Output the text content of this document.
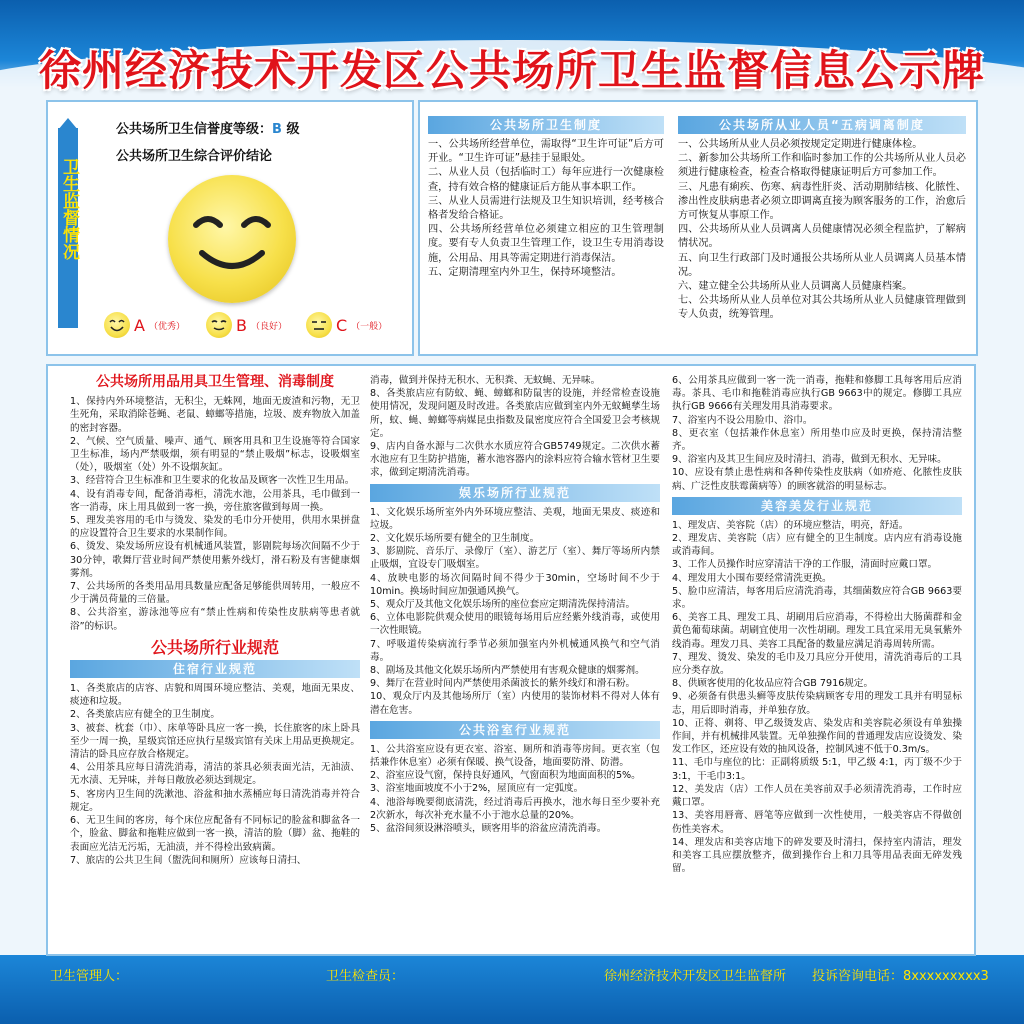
徐州经济技术开发区公共场所卫生监督信息公示牌
卫生监督情况
公共场所卫生信誉度等级：B 级
公共场所卫生综合评价结论
A （优秀）	B （良好）	C （一般）
公共场所卫生制度

一、公共场所经营单位，需取得“卫生许可证”后方可开业。“卫生许可证”悬挂于显眼处。

二、从业人员（包括临时工）每年应进行一次健康检查，持有效合格的健康证后方能从事本职工作。

三、从业人员需进行法规及卫生知识培训，经考核合格者发给合格证。

四、公共场所经营单位必须建立相应的卫生管理制度。要有专人负责卫生管理工作，设卫生专用消毒设施，公用品、用具等需定期进行消毒保洁。

五、定期清理室内外卫生，保持环境整洁。

公共场所从业人员“五病调离制度

一、公共场所从业人员必须按规定定期进行健康体检。

二、新参加公共场所工作和临时参加工作的公共场所从业人员必须进行健康检查，检查合格取得健康证明后方可参加工作。

三、凡患有痢疾、伤寒、病毒性肝炎、活动期肺结核、化脓性、渗出性皮肤病患者必须立即调离直接为顾客服务的工作，治愈后方可恢复从事原工作。

四、公共场所从业人员调离人员健康情况必须全程监护，了解病情状况。

五、向卫生行政部门及时通报公共场所从业人员调离人员基本情况。

六、建立健全公共场所从业人员调离人员健康档案。

七、公共场所从业人员单位对其公共场所从业人员健康管理做到专人负责，统筹管理。

公共场所用品用具卫生管理、消毒制度

1、保持内外环境整洁，无积尘，无蛛网，地面无废渣和污物，无卫生死角，采取消除苍蝇、老鼠、蟑螂等措施，垃圾、废弃物放入加盖的密封容器。

2、气候、空气质量、噪声、通气、顾客用具和卫生设施等符合国家卫生标准，场内严禁吸烟，须有明显的“禁止吸烟”标志，设吸烟室（处），吸烟室（处）外不设烟灰缸。

3、经营符合卫生标准和卫生要求的化妆品及顾客一次性卫生用品。

4、设有消毒专间，配备消毒柜，清洗水池，公用茶具，毛巾做到一客一消毒，床上用具做到一客一换，旁住旅客做到每周一换。

5、理发美容用的毛巾与烫发、染发的毛巾分开使用，供用水果拼盘的应设置符合卫生要求的水果制作间。

6、烫发、染发场所应设有机械通风装置，影剧院每场次间隔不少于30分钟，歌舞厅营业时间严禁使用紫外线灯，滑石粉及有害健康烟雾剂。

7、公共场所的各类用品用具数量应配备足够能供周转用，一般应不少于满员荷量的三倍量。

8、公共浴室，游泳池等应有“禁止性病和传染性皮肤病等患者就浴”的标识。

公共场所行业规范
住宿行业规范

1、各类旅店的店容、店貌和周围环境应整洁、美观，地面无果皮、痰迹和垃圾。

2、各类旅店应有健全的卫生制度。

3、被套、枕套（巾）、床单等卧具应一客一换，长住旅客的床上卧具至少一周一换，星级宾馆还应执行星级宾馆有关床上用品更换规定。清洁的卧具应存放合格规定。

4、公用茶具应每日清洗消毒，清洁的茶具必须表面光洁，无油渍、无水渍、无异味，并每日敞放必须达到规定。

5、客房内卫生间的洗漱池、浴盆和抽水蒸桶应每日清洗消毒并符合规定。

6、无卫生间的客房，每个床位应配备有不同标记的脸盆和脚盆各一个，脸盆、脚盆和拖鞋应做到一客一换，清洁的脸（脚）盆、拖鞋的表面应光洁无污垢，无油渍，并不得检出致病菌。

7、旅店的公共卫生间（盥洗间和厕所）应该每日清扫、

消毒，做到并保持无积水、无积粪、无蚊蝇、无异味。

8、各类旅店应有防蚊、蝇、蟑螂和防鼠害的设施，并经常检查设施使用情况，发现问题及时改进。各类旅店应做到室内外无蚊蝇孳生场所，蚊、蝇、蟑螂等病媒昆虫指数及鼠密度应符合全国爱卫会考核规定。

9、店内自备水源与二次供水水质应符合GB5749规定。二次供水蓄水池应有卫生防护措施，蓄水池容器内的涂料应符合输水管材卫生要求，做到定期清洗消毒。

娱乐场所行业规范

1、文化娱乐场所室外内外环境应整洁、美观，地面无果皮、痰迹和垃圾。

2、文化娱乐场所要有健全的卫生制度。

3、影剧院、音乐厅、录像厅（室）、游艺厅（室）、舞厅等场所内禁止吸烟，宜设专门吸烟室。

4、放映电影的场次间隔时间不得少于30min，空场时间不少于10min。换场时间应加强通风换气。

5、观众厅及其他文化娱乐场所的座位套应定期清洗保持清洁。

6、立体电影院供观众使用的眼镜每场用后应经紫外线消毒，或使用一次性眼镜。

7、呼吸道传染病流行季节必须加强室内外机械通风换气和空气消毒。

8、剧场及其他文化娱乐场所内严禁使用有害观众健康的烟雾剂。

9、舞厅在营业时间内严禁使用杀菌波长的紫外线灯和滑石粉。

10、观众厅内及其他场所厅（室）内使用的装饰材料不得对人体有潜在危害。

公共浴室行业规范

1、公共浴室应设有更衣室、浴室、厕所和消毒等房间。更衣室（包括兼作休息室）必须有保暖、换气设备，地面要防滑、防潜。

2、浴室应设气窗，保持良好通风，气窗面积为地面面积的5%。

3、浴室地面坡度不小于2%，屋顶应有一定弧度。

4、池浴每晚要彻底清洗，经过消毒后再换水，池水每日至少要补充2次新水，每次补充水量不小于池水总量的20%。

5、盆浴间须设淋浴喷头，顾客用毕的浴盆应清洗消毒。

6、公用茶具应做到一客一洗一消毒，拖鞋和修脚工具每客用后应消毒。茶具、毛巾和拖鞋消毒应执行GB 9663中的规定。修脚工具应执行GB 9666有关理发用具消毒要求。

7、浴室内不设公用脸巾、浴巾。

8、更衣室（包括兼作休息室）所用垫巾应及时更换，保持清洁整齐。

9、浴室内及其卫生间应及时清扫、消毒，做到无积水、无异味。

10、应设有禁止患性病和各种传染性皮肤病（如疥疮、化脓性皮肤病、广泛性皮肤霉菌病等）的顾客就浴的明显标志。

美容美发行业规范

1、理发店、美容院（店）的环境应整洁，明亮，舒适。

2、理发店、美容院（店）应有健全的卫生制度。店内应有消毒设施或消毒间。

3、工作人员操作时应穿清洁干净的工作服，清面时应戴口罩。

4、理发用大小围布要经常清洗更换。

5、脸巾应清洁，每客用后应清洗消毒，其细菌数应符合GB 9663要求。

6、美容工具、理发工具、胡刷用后应消毒，不得检出大肠菌群和金黄色葡萄球菌。胡刷宜使用一次性胡刷。理发工具宜采用无臭氧紫外线消毒。理发刀具、美容工具配备的数量应满足消毒周转所需。

7、理发、烫发、染发的毛巾及刀具应分开使用，清洗消毒后的工具应分类存放。

8、供顾客使用的化妆品应符合GB 7916规定。

9、必须备有供患头癣等皮肤传染病顾客专用的理发工具并有明显标志，用后即时消毒，并单独存放。

10、正将、剃将、甲乙级烫发店、染发店和美容院必须设有单独操作间，并有机械排风装置。无单独操作间的普通理发店应设烫发、染发工作区，还应设有效的抽风设备，控制风速不低于0.3m/s。

11、毛巾与座位的比：正副将质级 5:1，甲乙级 4:1，丙丁级不少于3:1，干毛巾3:1。

12、美发店（店）工作人员在美容前双手必须清洗消毒，工作时应戴口罩。

13、美容用唇膏、唇笔等应做到一次性使用，一般美容店不得做创伤性美容术。

14、理发店和美容店地下的碎发要及时清扫，保持室内清洁，理发和美容工具应摆放整齐，做到操作台上和刀具等用品表面无碎发残留。

卫生管理人：	卫生检查员：	徐州经济技术开发区卫生监督所 投诉咨询电话：8xxxxxxxxx3
